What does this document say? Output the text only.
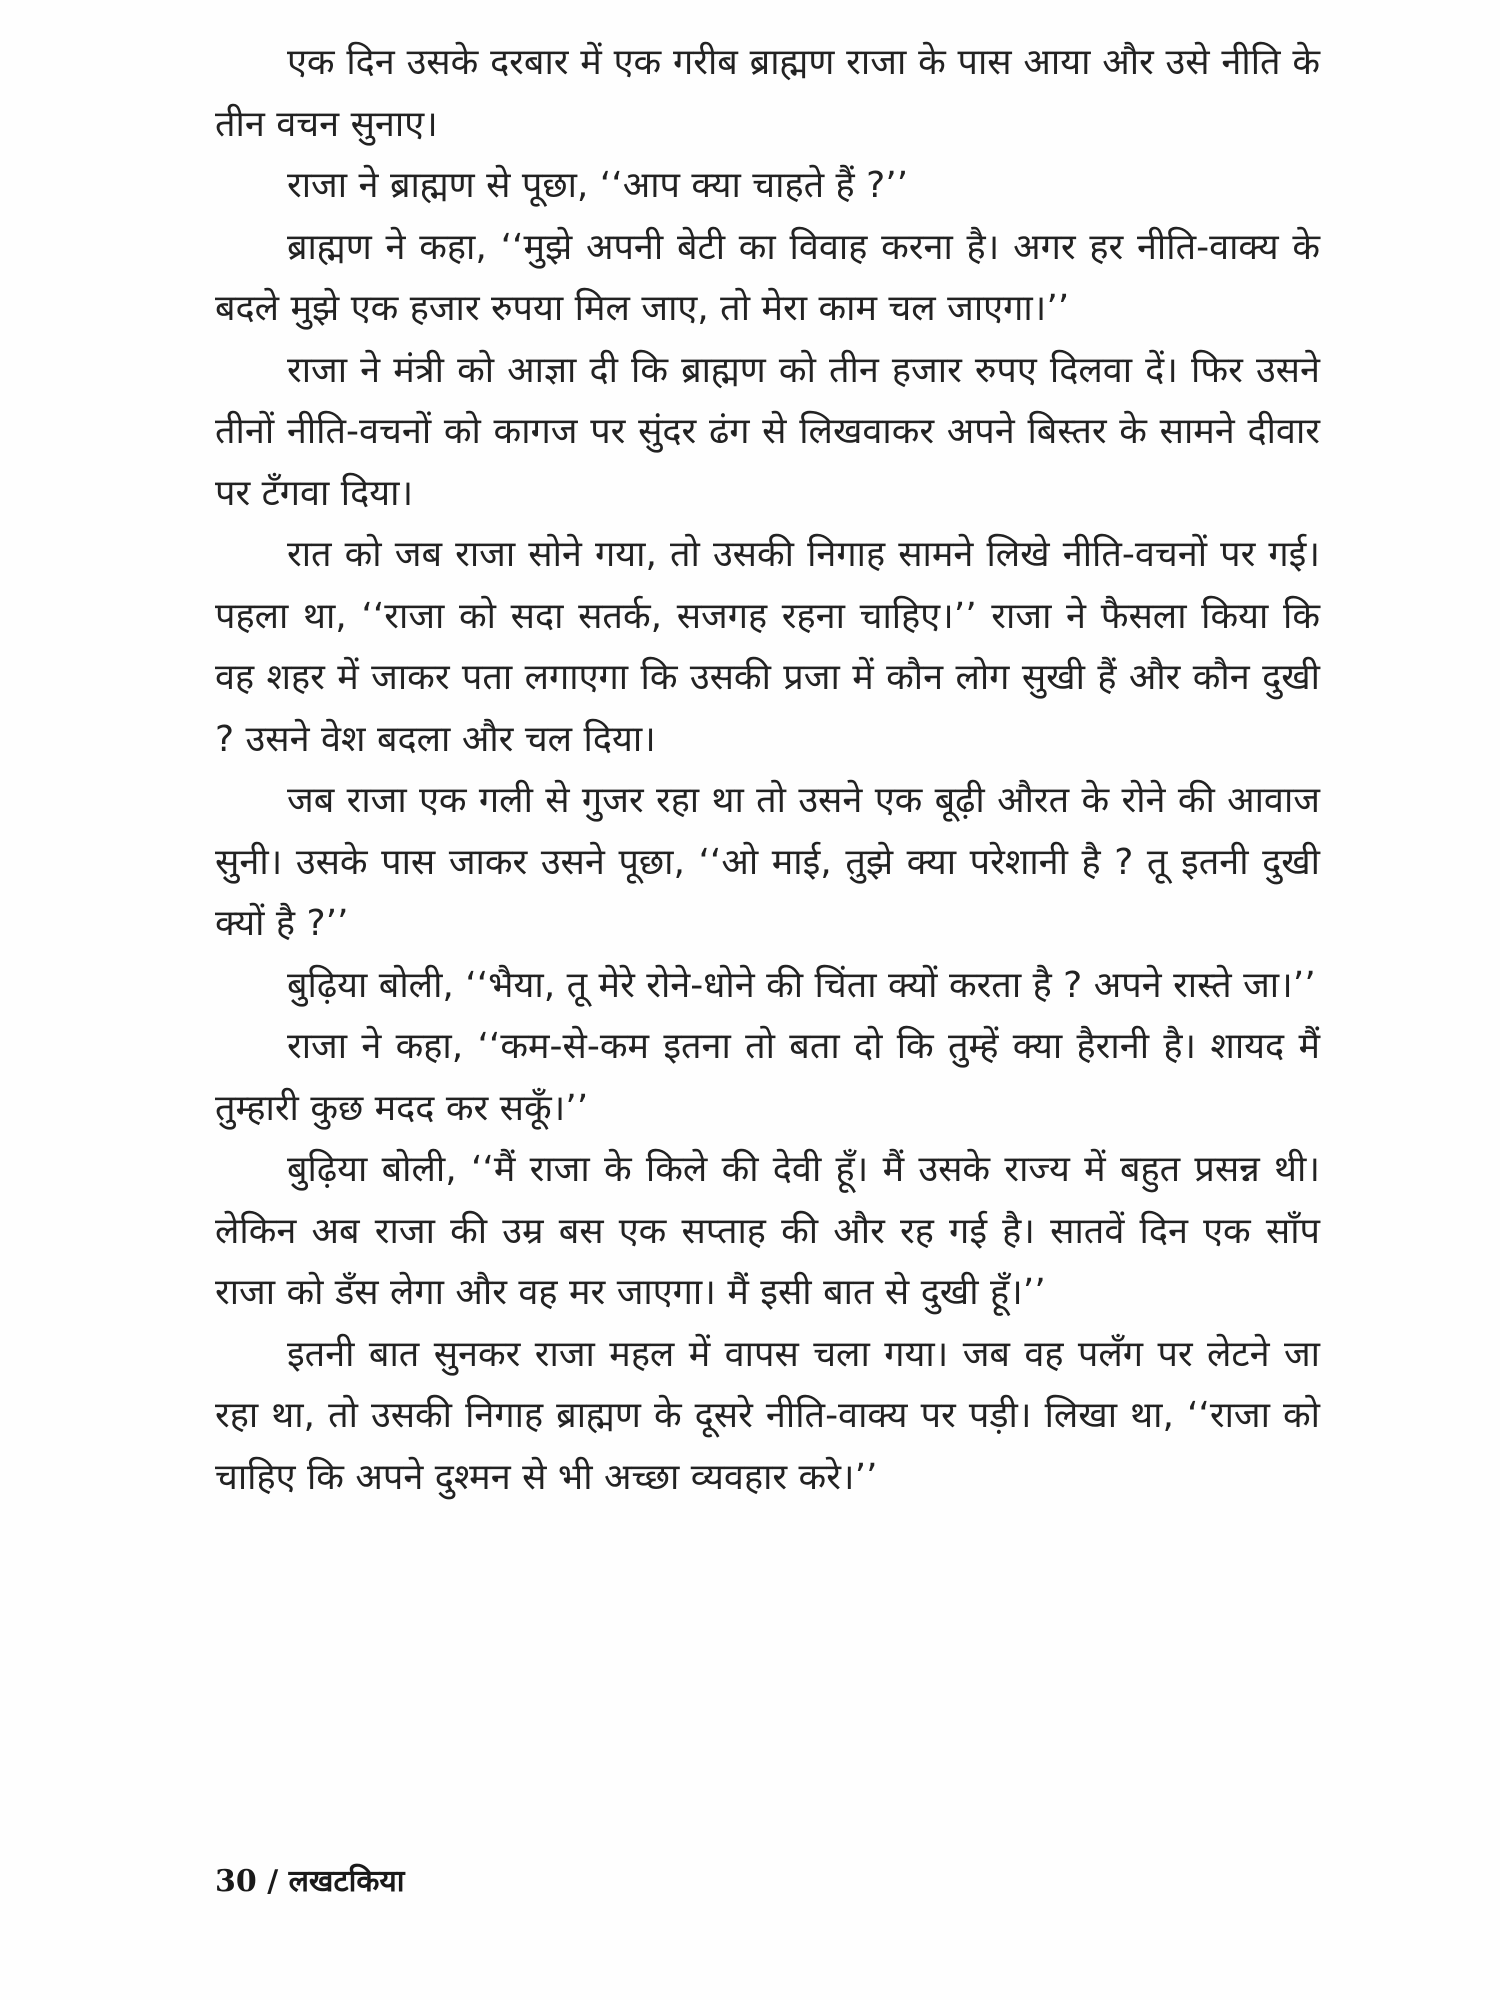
एक दिन उसके दरबार में एक गरीब ब्राह्मण राजा के पास आया और उसे नीति के तीन वचन सुनाए।

राजा ने ब्राह्मण से पूछा, ‘‘आप क्या चाहते हैं ?’’

ब्राह्मण ने कहा, ‘‘मुझे अपनी बेटी का विवाह करना है। अगर हर नीति-वाक्य के बदले मुझे एक हजार रुपया मिल जाए, तो मेरा काम चल जाएगा।’’

राजा ने मंत्री को आज्ञा दी कि ब्राह्मण को तीन हजार रुपए दिलवा दें। फिर उसने तीनों नीति-वचनों को कागज पर सुंदर ढंग से लिखवाकर अपने बिस्तर के सामने दीवार पर टँगवा दिया।

रात को जब राजा सोने गया, तो उसकी निगाह सामने लिखे नीति-वचनों पर गई। पहला था, ‘‘राजा को सदा सतर्क, सजगह रहना चाहिए।’’ राजा ने फैसला किया कि वह शहर में जाकर पता लगाएगा कि उसकी प्रजा में कौन लोग सुखी हैं और कौन दुखी ? उसने वेश बदला और चल दिया।

जब राजा एक गली से गुजर रहा था तो उसने एक बूढ़ी औरत के रोने की आवाज सुनी। उसके पास जाकर उसने पूछा, ‘‘ओ माई, तुझे क्या परेशानी है ? तू इतनी दुखी क्यों है ?’’

बुढ़िया बोली, ‘‘भैया, तू मेरे रोने-धोने की चिंता क्यों करता है ? अपने रास्ते जा।’’

राजा ने कहा, ‘‘कम-से-कम इतना तो बता दो कि तुम्हें क्या हैरानी है। शायद मैं तुम्हारी कुछ मदद कर सकूँ।’’

बुढ़िया बोली, ‘‘मैं राजा के किले की देवी हूँ। मैं उसके राज्य में बहुत प्रसन्न थी। लेकिन अब राजा की उम्र बस एक सप्ताह की और रह गई है। सातवें दिन एक साँप राजा को डँस लेगा और वह मर जाएगा। मैं इसी बात से दुखी हूँ।’’

इतनी बात सुनकर राजा महल में वापस चला गया। जब वह पलँग पर लेटने जा रहा था, तो उसकी निगाह ब्राह्मण के दूसरे नीति-वाक्य पर पड़ी। लिखा था, ‘‘राजा को चाहिए कि अपने दुश्मन से भी अच्छा व्यवहार करे।’’

30 / लखटकिया
